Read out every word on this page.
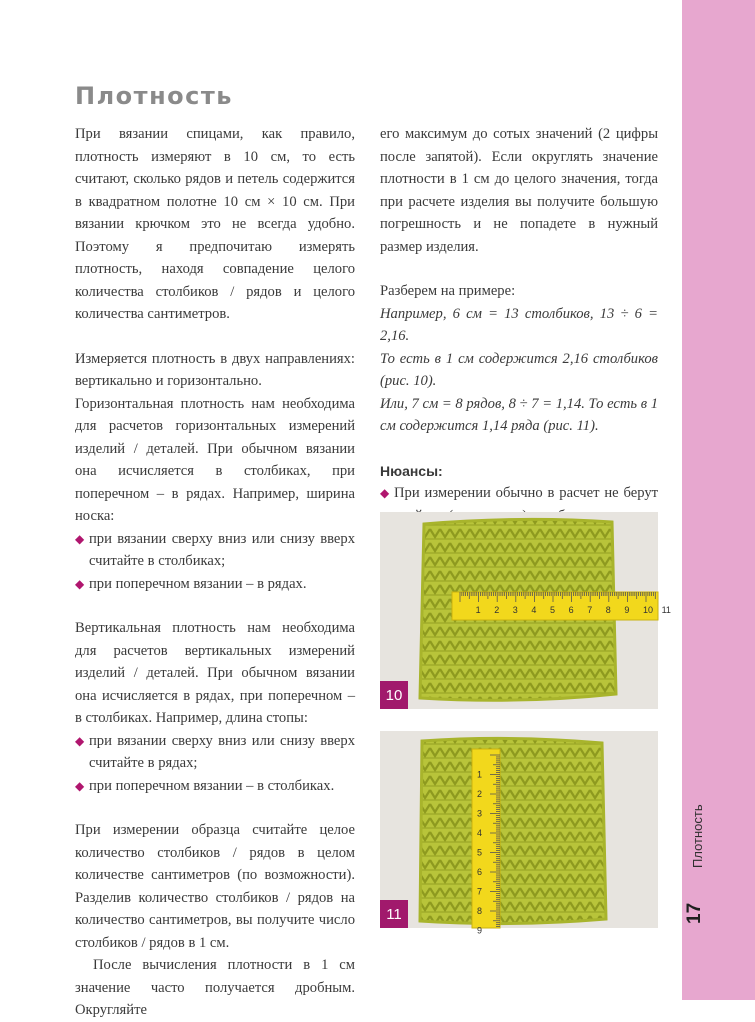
Плотность

При вязании спицами, как правило, плотность измеряют в 10 см, то есть считают, сколько рядов и петель содержится в квадратном полотне 10 см × 10 см. При вязании крючком это не всегда удобно. Поэтому я предпочитаю измерять плотность, находя совпадение целого количества столбиков / рядов и целого количества сантиметров.

Измеряется плотность в двух направлениях: вертикально и горизонтально.

Горизонтальная плотность нам необходима для расчетов горизонтальных измерений изделий / деталей. При обычном вязании она исчисляется в столбиках, при поперечном – в рядах. Например, ширина носка:

◆ при вязании сверху вниз или снизу вверх считайте в столбиках;
◆ при поперечном вязании – в рядах.

Вертикальная плотность нам необходима для расчетов вертикальных измерений изделий / деталей. При обычном вязании она исчисляется в рядах, при поперечном – в столбиках. Например, длина стопы:

◆ при вязании сверху вниз или снизу вверх считайте в рядах;
◆ при поперечном вязании – в столбиках.

При измерении образца считайте целое количество столбиков / рядов в целом количестве сантиметров (по возможности). Разделив количество столбиков / рядов на количество сантиметров, вы получите число столбиков / рядов в 1 см.

После вычисления плотности в 1 см значение часто получается дробным. Округляйте

его максимум до сотых значений (2 цифры после запятой). Если округлять значение плотности в 1 см до целого значения, тогда при расчете изделия вы получите большую погрешность и не попадете в нужный размер изделия.

Разберем на примере:

Например, 6 см = 13 столбиков, 13 ÷ 6 = 2,16.

То есть в 1 см содержится 2,16 столбиков (рис. 10).

Или, 7 см = 8 рядов, 8 ÷ 7 = 1,14. То есть в 1 см содержится 1,14 ряда (рис. 11).

Нюансы:

◆ При измерении обычно в расчет не берут
1 2 3 4 5 6 7 8 9 10 11
10
1
2
3
4
5
6
7
8
9
11
Плотность
17
